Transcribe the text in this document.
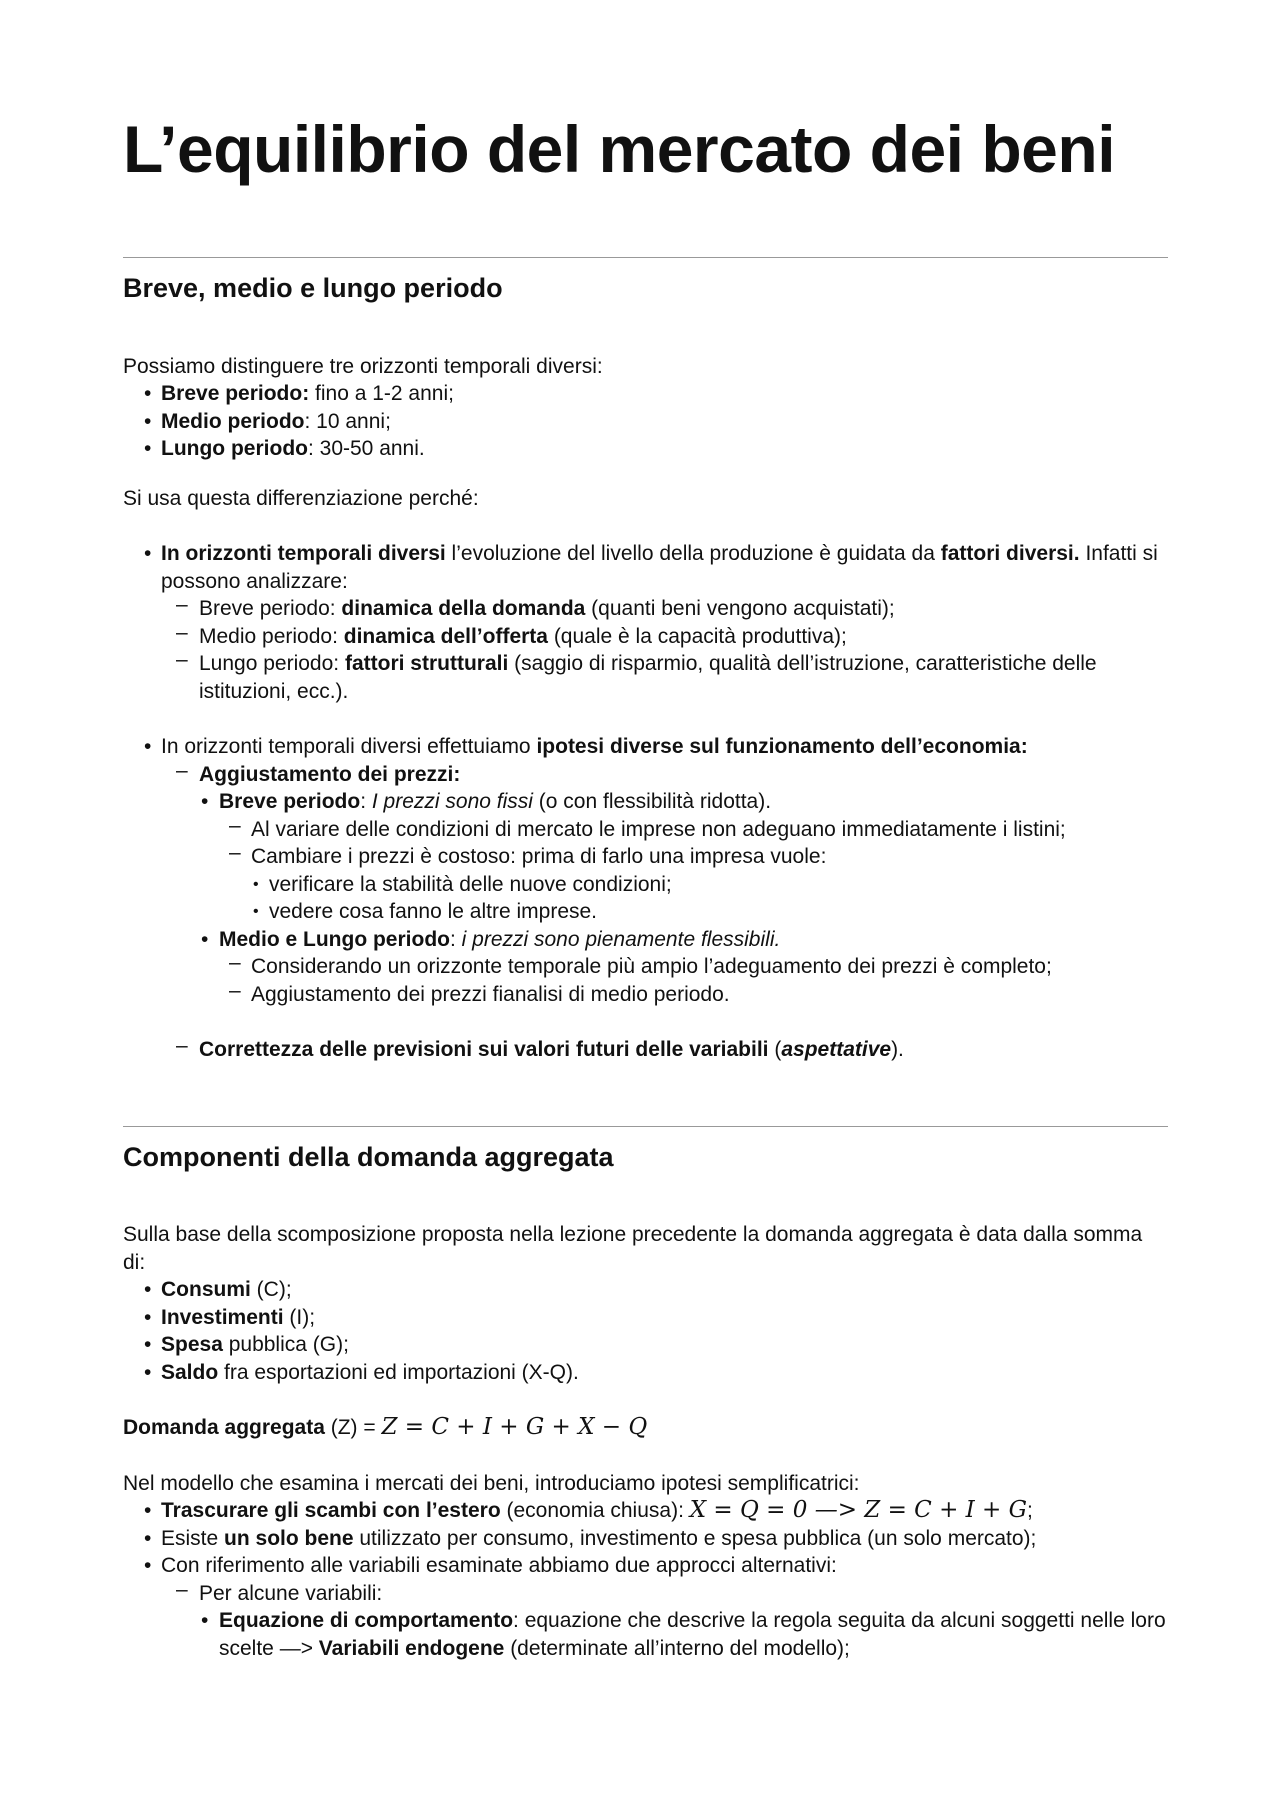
L’equilibrio del mercato dei beni
Breve, medio e lungo periodo

Possiamo distinguere tre orizzonti temporali diversi:

• Breve periodo: fino a 1-2 anni;
• Medio periodo: 10 anni;
• Lungo periodo: 30-50 anni.

Si usa questa differenziazione perché:

• In orizzonti temporali diversi l’evoluzione del livello della produzione è guidata da fattori diversi. Infatti si possono analizzare:
– Breve periodo: dinamica della domanda (quanti beni vengono acquistati);
– Medio periodo: dinamica dell’offerta (quale è la capacità produttiva);
– Lungo periodo: fattori strutturali (saggio di risparmio, qualità dell’istruzione, caratteristiche delle istituzioni, ecc.).
• In orizzonti temporali diversi effettuiamo ipotesi diverse sul funzionamento dell’economia:
– Aggiustamento dei prezzi:
• Breve periodo: I prezzi sono fissi (o con flessibilità ridotta).
– Al variare delle condizioni di mercato le imprese non adeguano immediatamente i listini;
– Cambiare i prezzi è costoso: prima di farlo una impresa vuole:
• verificare la stabilità delle nuove condizioni;
• vedere cosa fanno le altre imprese.
• Medio e Lungo periodo: i prezzi sono pienamente flessibili.
– Considerando un orizzonte temporale più ampio l’adeguamento dei prezzi è completo;
– Aggiustamento dei prezzi fianalisi di medio periodo.
– Correttezza delle previsioni sui valori futuri delle variabili (aspettative).
Componenti della domanda aggregata

Sulla base della scomposizione proposta nella lezione precedente la domanda aggregata è data dalla somma di:

• Consumi (C);
• Investimenti (I);
• Spesa pubblica (G);
• Saldo fra esportazioni ed importazioni (X-Q).

Domanda aggregata (Z) = Z = C + I + G + X − Q

Nel modello che esamina i mercati dei beni, introduciamo ipotesi semplificatrici:

• Trascurare gli scambi con l’estero (economia chiusa): X = Q = 0 —> Z = C + I + G;
• Esiste un solo bene utilizzato per consumo, investimento e spesa pubblica (un solo mercato);
• Con riferimento alle variabili esaminate abbiamo due approcci alternativi:
– Per alcune variabili:
• Equazione di comportamento: equazione che descrive la regola seguita da alcuni soggetti nelle loro scelte —> Variabili endogene (determinate all’interno del modello);
